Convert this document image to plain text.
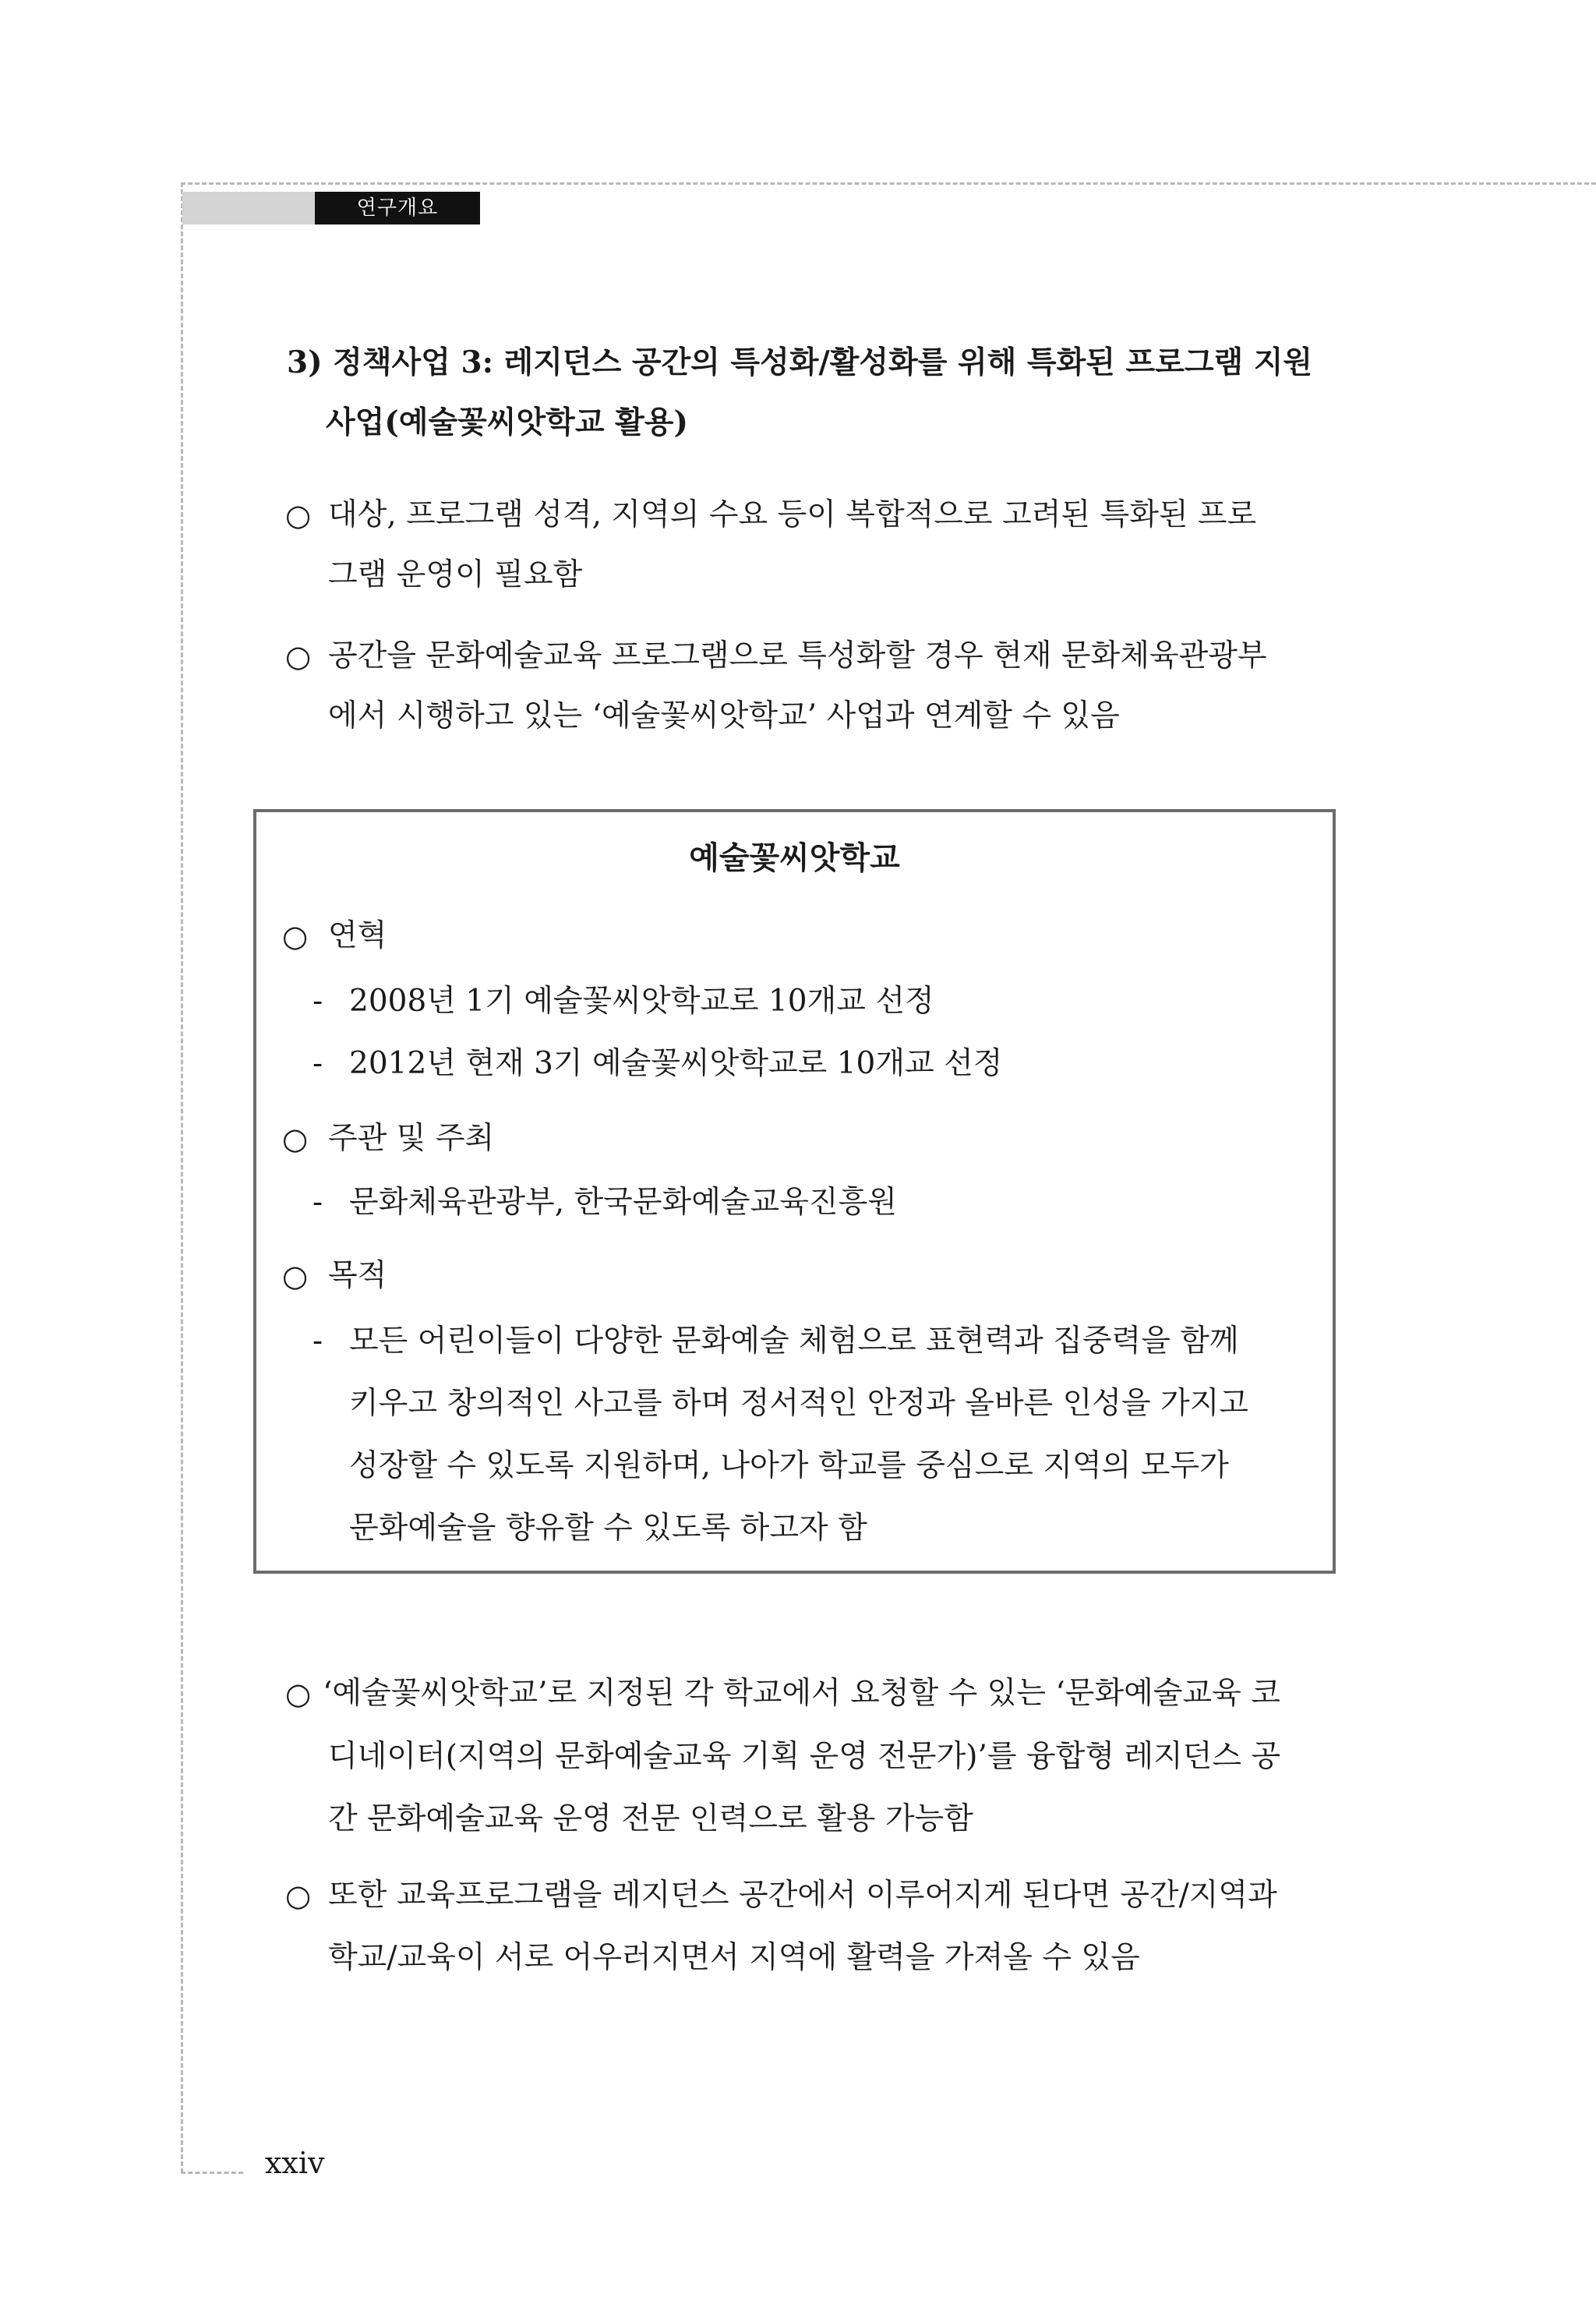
연구개요
3) 정책사업 3: 레지던스 공간의 특성화/활성화를 위해 특화된 프로그램 지원
사업(예술꽃씨앗학교 활용)
○ 대상, 프로그램 성격, 지역의 수요 등이 복합적으로 고려된 특화된 프로
그램 운영이 필요함
○ 공간을 문화예술교육 프로그램으로 특성화할 경우 현재 문화체육관광부
에서 시행하고 있는 ‘예술꽃씨앗학교’ 사업과 연계할 수 있음
예술꽃씨앗학교
○ 연혁
- 2008년 1기 예술꽃씨앗학교로 10개교 선정
- 2012년 현재 3기 예술꽃씨앗학교로 10개교 선정
○ 주관 및 주최
- 문화체육관광부, 한국문화예술교육진흥원
○ 목적
- 모든 어린이들이 다양한 문화예술 체험으로 표현력과 집중력을 함께
키우고 창의적인 사고를 하며 정서적인 안정과 올바른 인성을 가지고
성장할 수 있도록 지원하며, 나아가 학교를 중심으로 지역의 모두가
문화예술을 향유할 수 있도록 하고자 함
○ ‘예술꽃씨앗학교’로 지정된 각 학교에서 요청할 수 있는 ‘문화예술교육 코
디네이터(지역의 문화예술교육 기획 운영 전문가)’를 융합형 레지던스 공
간 문화예술교육 운영 전문 인력으로 활용 가능함
○ 또한 교육프로그램을 레지던스 공간에서 이루어지게 된다면 공간/지역과
학교/교육이 서로 어우러지면서 지역에 활력을 가져올 수 있음
xxiv
